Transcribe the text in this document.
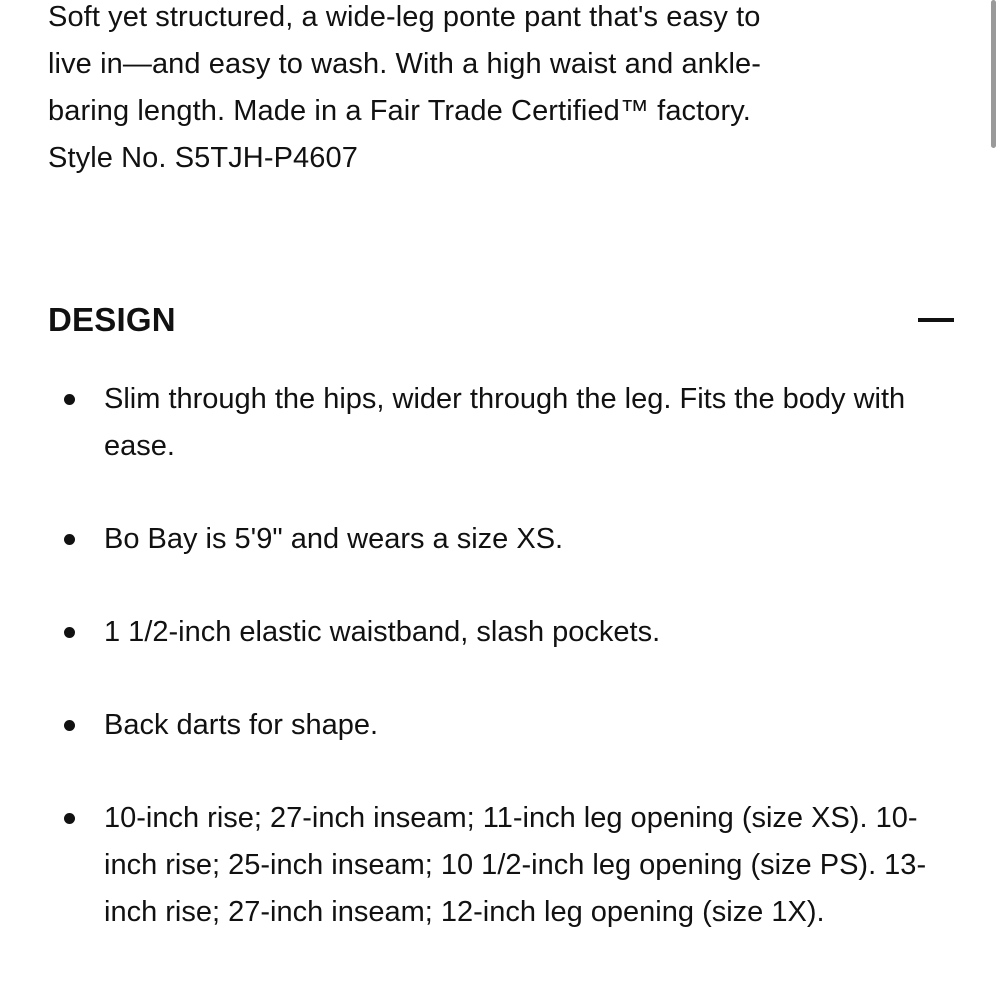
Soft yet structured, a wide-leg ponte pant that's easy to

live in—and easy to wash. With a high waist and ankle-

baring length. Made in a Fair Trade Certified™ factory.

Style No. S5TJH-P4607

DESIGN
Slim through the hips, wider through the leg. Fits the body with ease.
Bo Bay is 5'9" and wears a size XS.
1 1/2-inch elastic waistband, slash pockets.
Back darts for shape.
10-inch rise; 27-inch inseam; 11-inch leg opening (size XS). 10-inch rise; 25-inch inseam; 10 1/2-inch leg opening (size PS). 13-inch rise; 27-inch inseam; 12-inch leg opening (size 1X).
